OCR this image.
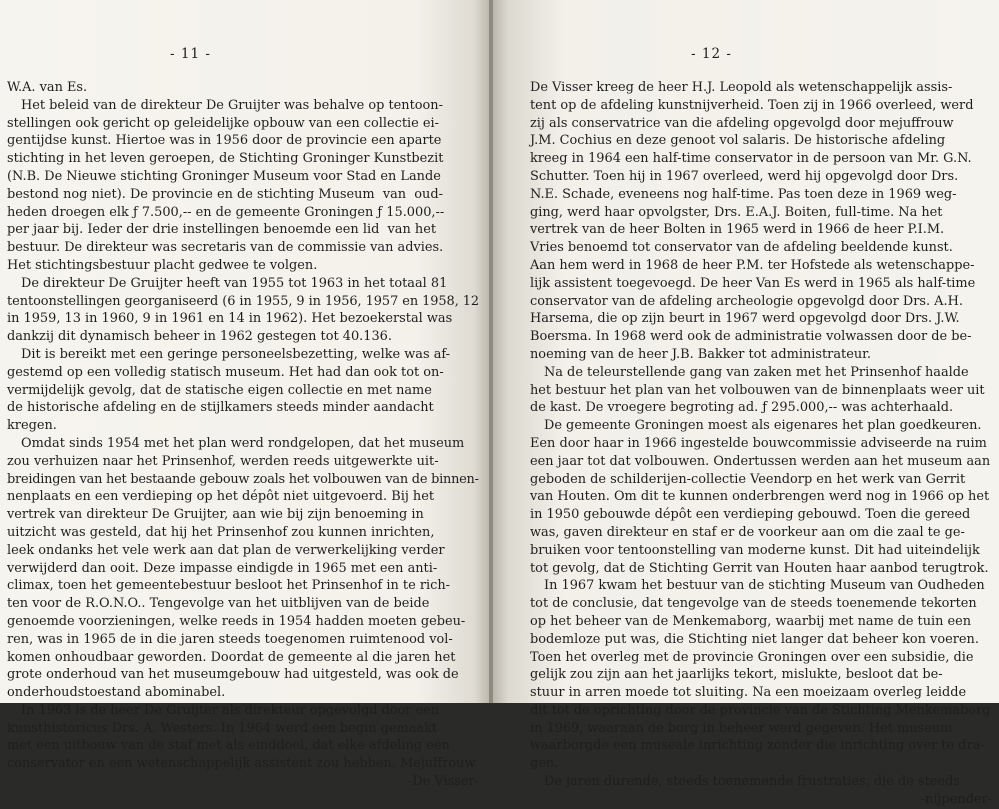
- 11 -
W.A. van Es.
Het beleid van de direkteur De Gruijter was behalve op tentoon-
stellingen ook gericht op geleidelijke opbouw van een collectie ei-
gentijdse kunst. Hiertoe was in 1956 door de provincie een aparte
stichting in het leven geroepen, de Stichting Groninger Kunstbezit
(N.B. De Nieuwe stichting Groninger Museum voor Stad en Lande
bestond nog niet). De provincie en de stichting Museum  van  oud-
heden droegen elk ƒ 7.500,-- en de gemeente Groningen ƒ 15.000,--
per jaar bij. Ieder der drie instellingen benoemde een lid  van het
bestuur. De direkteur was secretaris van de commissie van advies.
Het stichtingsbestuur placht gedwee te volgen.
De direkteur De Gruijter heeft van 1955 tot 1963 in het totaal 81
tentoonstellingen georganiseerd (6 in 1955, 9 in 1956, 1957 en 1958, 12
in 1959, 13 in 1960, 9 in 1961 en 14 in 1962). Het bezoekerstal was
dankzij dit dynamisch beheer in 1962 gestegen tot 40.136.
Dit is bereikt met een geringe personeelsbezetting, welke was af-
gestemd op een volledig statisch museum. Het had dan ook tot on-
vermijdelijk gevolg, dat de statische eigen collectie en met name
de historische afdeling en de stijlkamers steeds minder aandacht
kregen.
Omdat sinds 1954 met het plan werd rondgelopen, dat het museum
zou verhuizen naar het Prinsenhof, werden reeds uitgewerkte uit-
breidingen van het bestaande gebouw zoals het volbouwen van de binnen-
nenplaats en een verdieping op het dépôt niet uitgevoerd. Bij het
vertrek van direkteur De Gruijter, aan wie bij zijn benoeming in
uitzicht was gesteld, dat hij het Prinsenhof zou kunnen inrichten,
leek ondanks het vele werk aan dat plan de verwerkelijking verder
verwijderd dan ooit. Deze impasse eindigde in 1965 met een anti-
climax, toen het gemeentebestuur besloot het Prinsenhof in te rich-
ten voor de R.O.N.O.. Tengevolge van het uitblijven van de beide
genoemde voorzieningen, welke reeds in 1954 hadden moeten gebeu-
ren, was in 1965 de in die jaren steeds toegenomen ruimtenood vol-
komen onhoudbaar geworden. Doordat de gemeente al die jaren het
grote onderhoud van het museumgebouw had uitgesteld, was ook de
onderhoudstoestand abominabel.
In 1963 is de heer De Gruijter als direkteur opgevolgd door een
kunsthistoricus Drs. A. Westers. In 1964 werd een begin gemaakt
met een uitbouw van de staf met als einddoel, dat elke afdeling een
conservator en een wetenschappelijk assistent zou hebben. Mejuffrouw
-De Visser-
- 12 -
De Visser kreeg de heer H.J. Leopold als wetenschappelijk assis-
tent op de afdeling kunstnijverheid. Toen zij in 1966 overleed, werd
zij als conservatrice van die afdeling opgevolgd door mejuffrouw
J.M. Cochius en deze genoot vol salaris. De historische afdeling
kreeg in 1964 een half-time conservator in de persoon van Mr. G.N.
Schutter. Toen hij in 1967 overleed, werd hij opgevolgd door Drs.
N.E. Schade, eveneens nog half-time. Pas toen deze in 1969 weg-
ging, werd haar opvolgster, Drs. E.A.J. Boiten, full-time. Na het
vertrek van de heer Bolten in 1965 werd in 1966 de heer P.I.M.
Vries benoemd tot conservator van de afdeling beeldende kunst.
Aan hem werd in 1968 de heer P.M. ter Hofstede als wetenschappe-
lijk assistent toegevoegd. De heer Van Es werd in 1965 als half-time
conservator van de afdeling archeologie opgevolgd door Drs. A.H.
Harsema, die op zijn beurt in 1967 werd opgevolgd door Drs. J.W.
Boersma. In 1968 werd ook de administratie volwassen door de be-
noeming van de heer J.B. Bakker tot administrateur.
Na de teleurstellende gang van zaken met het Prinsenhof haalde
het bestuur het plan van het volbouwen van de binnenplaats weer uit
de kast. De vroegere begroting ad. ƒ 295.000,-- was achterhaald.
De gemeente Groningen moest als eigenares het plan goedkeuren.
Een door haar in 1966 ingestelde bouwcommissie adviseerde na ruim
een jaar tot dat volbouwen. Ondertussen werden aan het museum aan
geboden de schilderijen-collectie Veendorp en het werk van Gerrit
van Houten. Om dit te kunnen onderbrengen werd nog in 1966 op het
in 1950 gebouwde dépôt een verdieping gebouwd. Toen die gereed
was, gaven direkteur en staf er de voorkeur aan om die zaal te ge-
bruiken voor tentoonstelling van moderne kunst. Dit had uiteindelijk
tot gevolg, dat de Stichting Gerrit van Houten haar aanbod terugtrok.
In 1967 kwam het bestuur van de stichting Museum van Oudheden
tot de conclusie, dat tengevolge van de steeds toenemende tekorten
op het beheer van de Menkemaborg, waarbij met name de tuin een
bodemloze put was, die Stichting niet langer dat beheer kon voeren.
Toen het overleg met de provincie Groningen over een subsidie, die
gelijk zou zijn aan het jaarlijks tekort, mislukte, besloot dat be-
stuur in arren moede tot sluiting. Na een moeizaam overleg leidde
dit tot de oprichting door de provincie van de Stichting Menkemaborg
in 1969, waaraan de borg in beheer werd gegeven. Het museum
waarborgde een museale inrichting zonder die inrichting over te dra-
gen.
De jaren durende, steeds toenemende frustraties, die de steeds
-nijpender-
